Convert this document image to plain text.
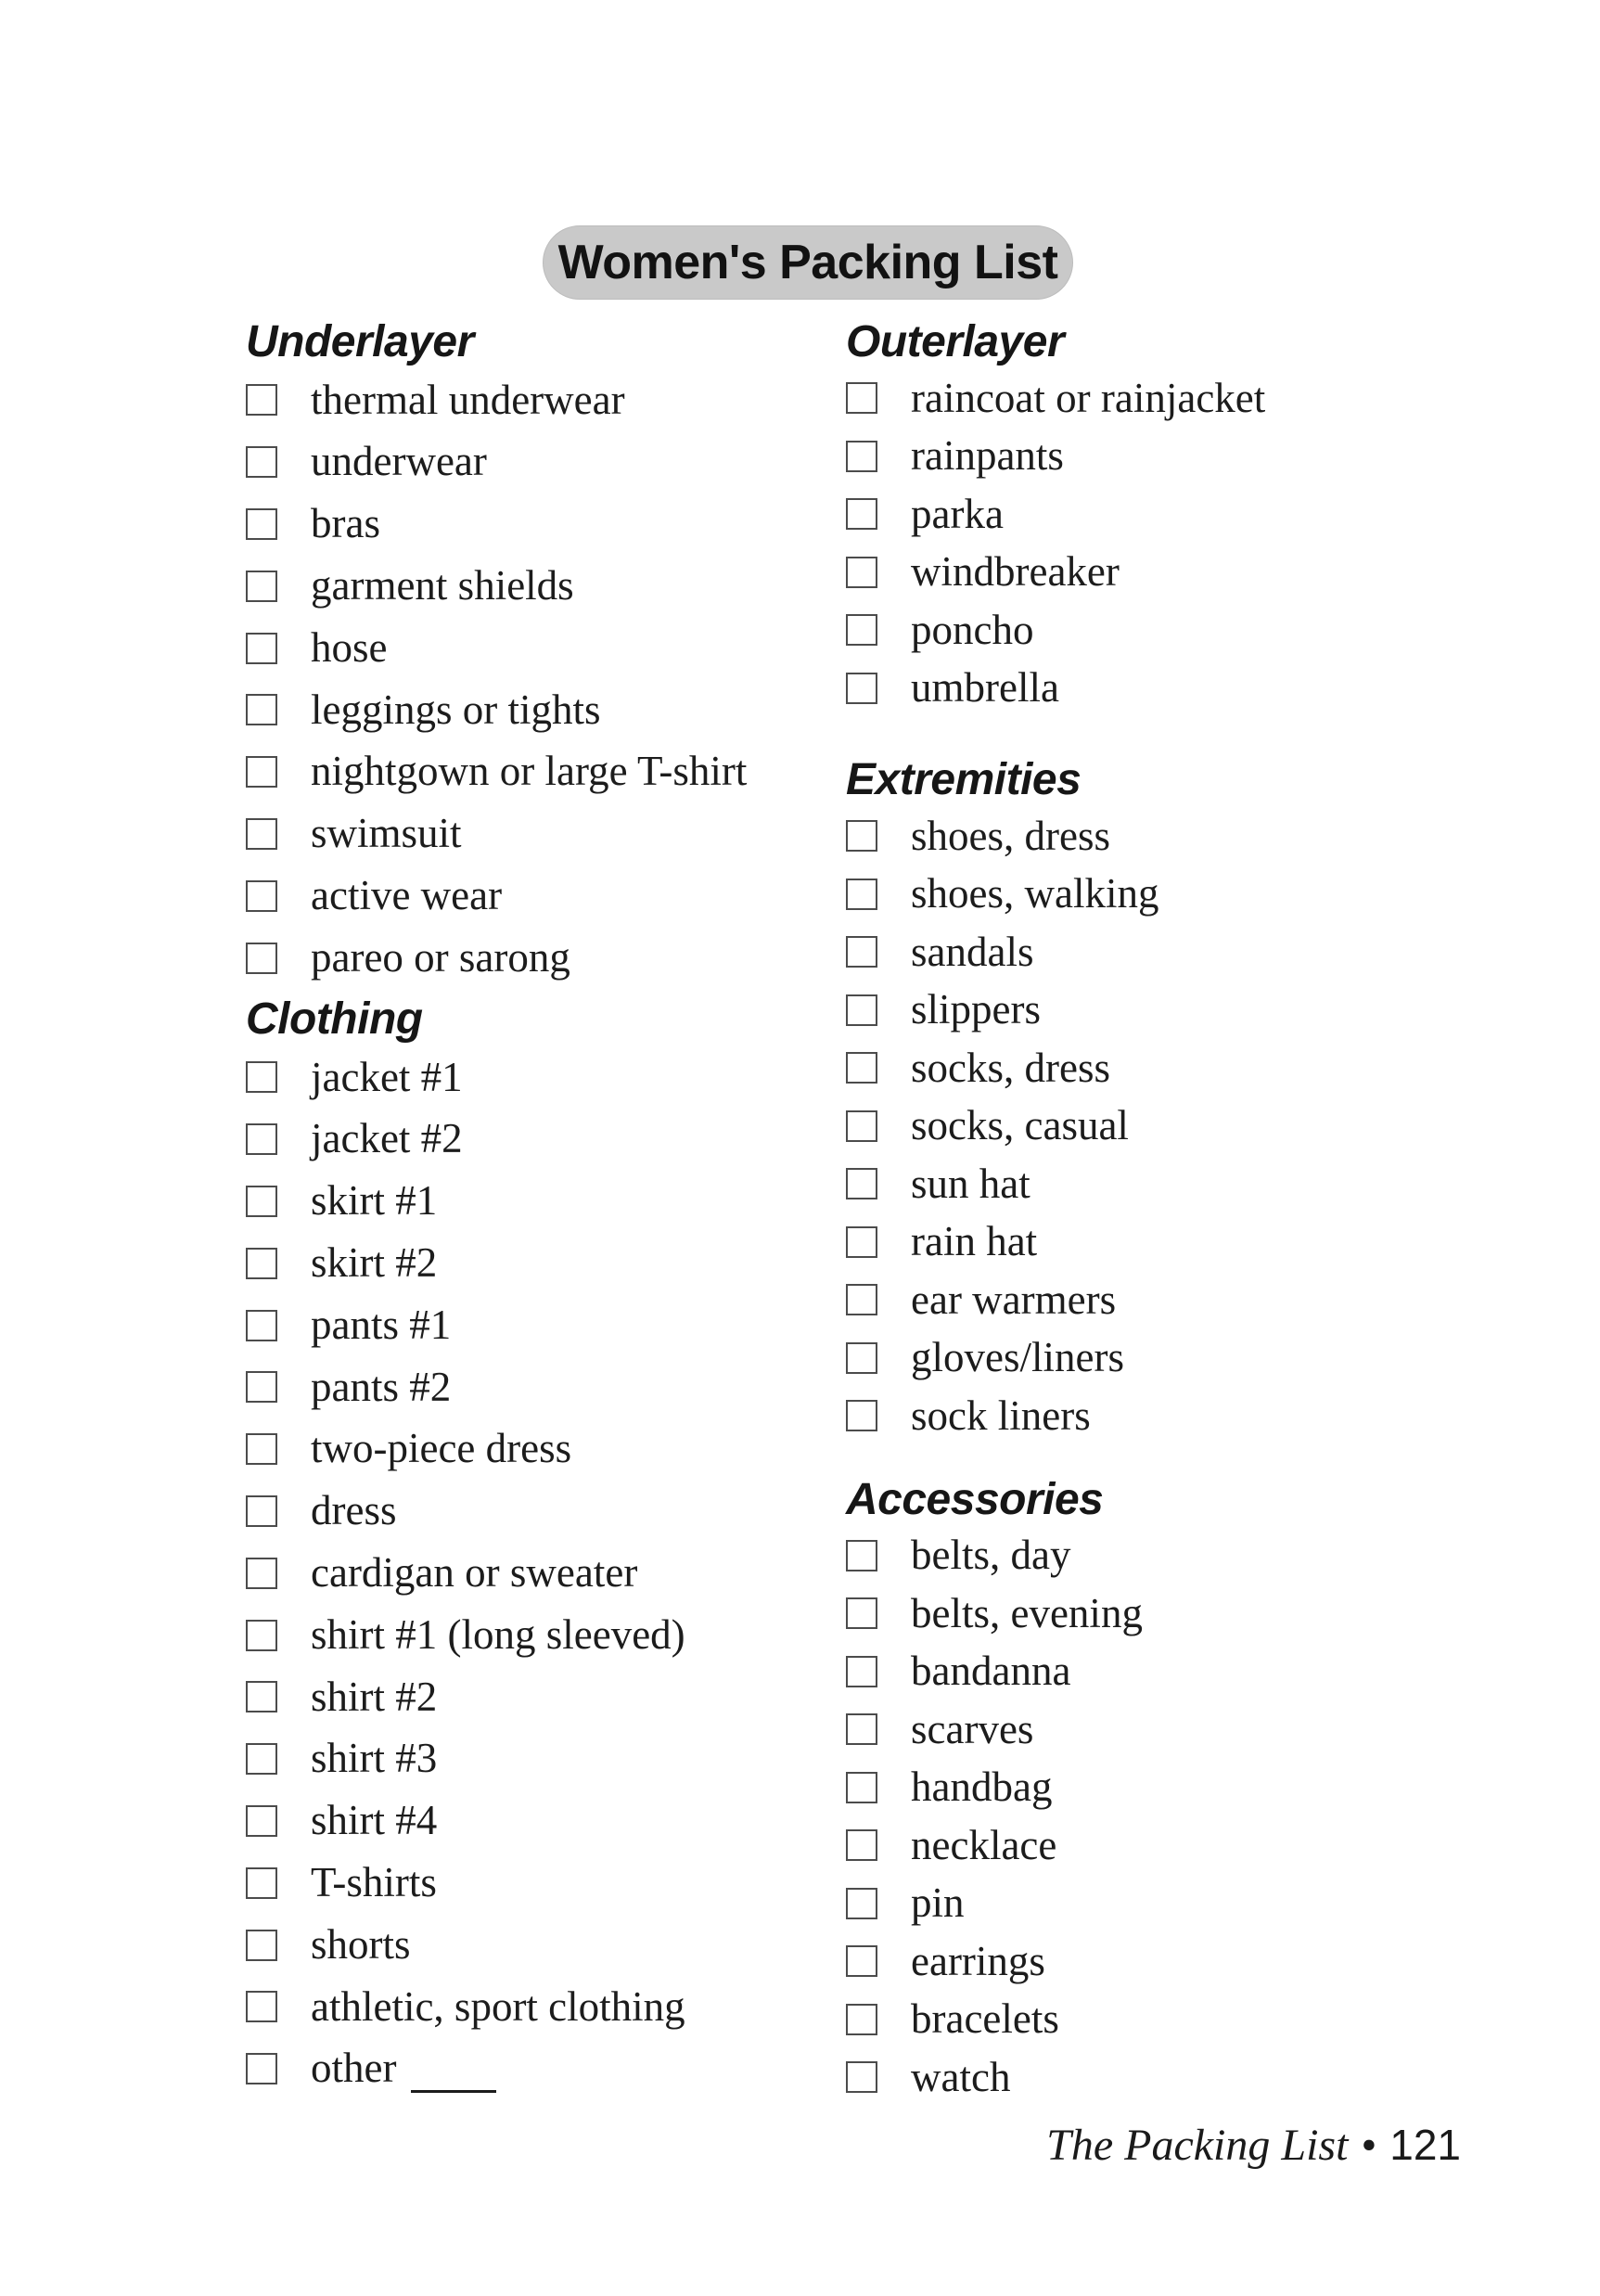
Women's Packing List
Underlayer
thermal underwear
underwear
bras
garment shields
hose
leggings or tights
nightgown or large T-shirt
swimsuit
active wear
pareo or sarong
Clothing
jacket #1
jacket #2
skirt #1
skirt #2
pants #1
pants #2
two-piece dress
dress
cardigan or sweater
shirt #1 (long sleeved)
shirt #2
shirt #3
shirt #4
T-shirts
shorts
athletic, sport clothing
other
Outerlayer
raincoat or rainjacket
rainpants
parka
windbreaker
poncho
umbrella
Extremities
shoes, dress
shoes, walking
sandals
slippers
socks, dress
socks, casual
sun hat
rain hat
ear warmers
gloves/liners
sock liners
Accessories
belts, day
belts, evening
bandanna
scarves
handbag
necklace
pin
earrings
bracelets
watch
The Packing List • 121
